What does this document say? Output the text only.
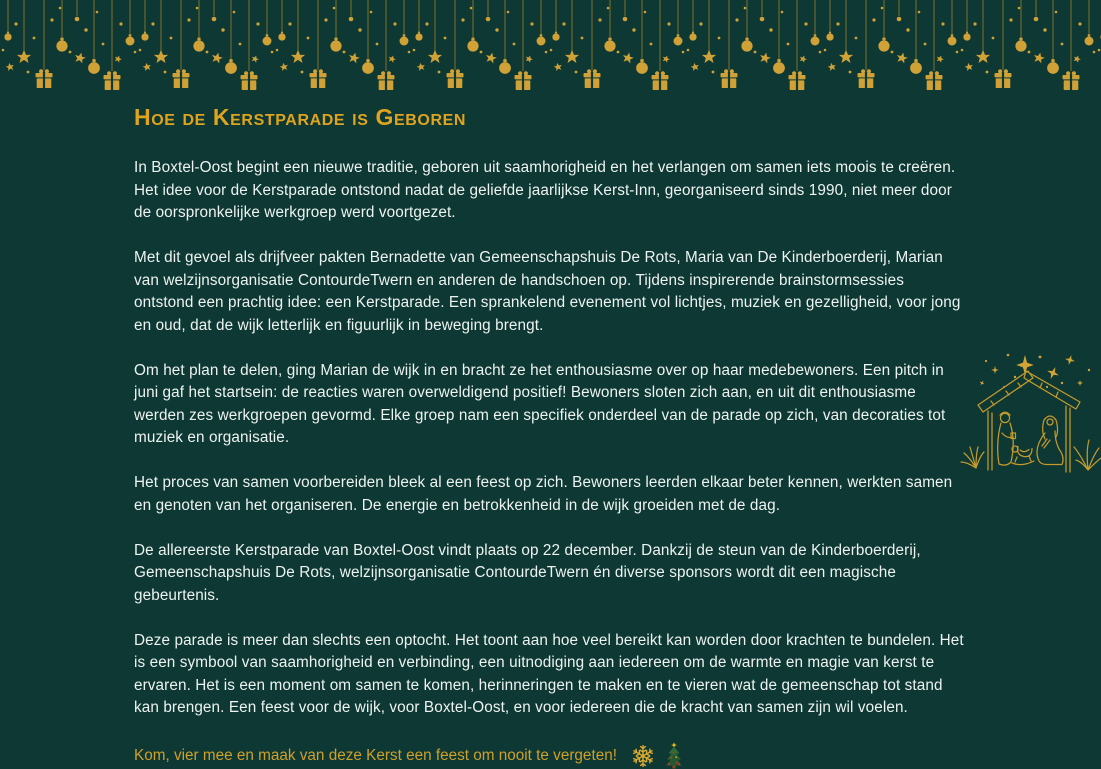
Hoe de Kerstparade is Geboren

In Boxtel-Oost begint een nieuwe traditie, geboren uit saamhorigheid en het verlangen om samen iets moois te creëren. Het idee voor de Kerstparade ontstond nadat de geliefde jaarlijkse Kerst-Inn, georganiseerd sinds 1990, niet meer door de oorspronkelijke werkgroep werd voortgezet.

Met dit gevoel als drijfveer pakten Bernadette van Gemeenschapshuis De Rots, Maria van De Kinderboerderij, Marian van welzijnsorganisatie ContourdeTwern en anderen de handschoen op. Tijdens inspirerende brainstormsessies ontstond een prachtig idee: een Kerstparade. Een sprankelend evenement vol lichtjes, muziek en gezelligheid, voor jong en oud, dat de wijk letterlijk en figuurlijk in beweging brengt.

Om het plan te delen, ging Marian de wijk in en bracht ze het enthousiasme over op haar medebewoners. Een pitch in juni gaf het startsein: de reacties waren overweldigend positief! Bewoners sloten zich aan, en uit dit enthousiasme werden zes werkgroepen gevormd. Elke groep nam een specifiek onderdeel van de parade op zich, van decoraties tot muziek en organisatie.

Het proces van samen voorbereiden bleek al een feest op zich. Bewoners leerden elkaar beter kennen, werkten samen en genoten van het organiseren. De energie en betrokkenheid in de wijk groeiden met de dag.

De allereerste Kerstparade van Boxtel-Oost vindt plaats op 22 december. Dankzij de steun van de Kinderboerderij, Gemeenschapshuis De Rots, welzijnsorganisatie ContourdeTwern én diverse sponsors wordt dit een magische gebeurtenis.

Deze parade is meer dan slechts een optocht. Het toont aan hoe veel bereikt kan worden door krachten te bundelen. Het is een symbool van saamhorigheid en verbinding, een uitnodiging aan iedereen om de warmte en magie van kerst te ervaren. Het is een moment om samen te komen, herinneringen te maken en te vieren wat de gemeenschap tot stand kan brengen. Een feest voor de wijk, voor Boxtel-Oost, en voor iedereen die de kracht van samen zijn wil voelen.

Kom, vier mee en maak van deze Kerst een feest om nooit te vergeten!
